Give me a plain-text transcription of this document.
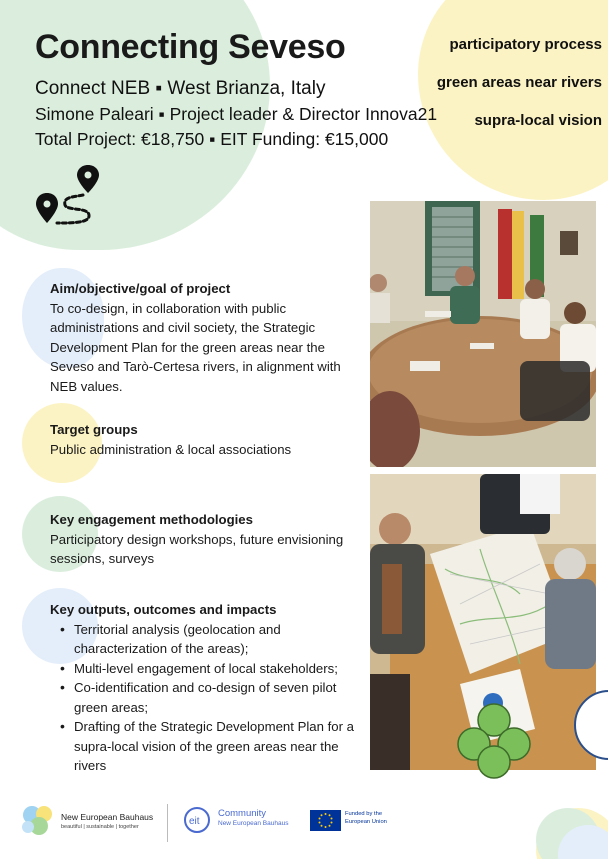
Connecting Seveso
Connect NEB ▪ West Brianza, Italy
Simone Paleari ▪ Project leader & Director Innova21
Total Project: €18,750 ▪ EIT Funding: €15,000
participatory process
green areas near rivers
supra-local vision
Aim/objective/goal of project

To co-design, in collaboration with public administrations and civil society, the Strategic Development Plan for the green areas near the Seveso and Tarò-Certesa rivers, in alignment with NEB values.

Target groups

Public administration & local associations

Key engagement methodologies

Participatory design workshops, future envisioning sessions, surveys

Key outputs, outcomes and impacts
• Territorial analysis (geolocation and characterization of the areas);
• Multi-level engagement of local stakeholders;
• Co-identification and co-design of seven pilot green areas;
• Drafting of the Strategic Development Plan for a supra-local vision of the green areas near the rivers
New European Bauhaus
beautiful | sustainable | together	eit
Community
New European Bauhaus
Funded by the
European Union
